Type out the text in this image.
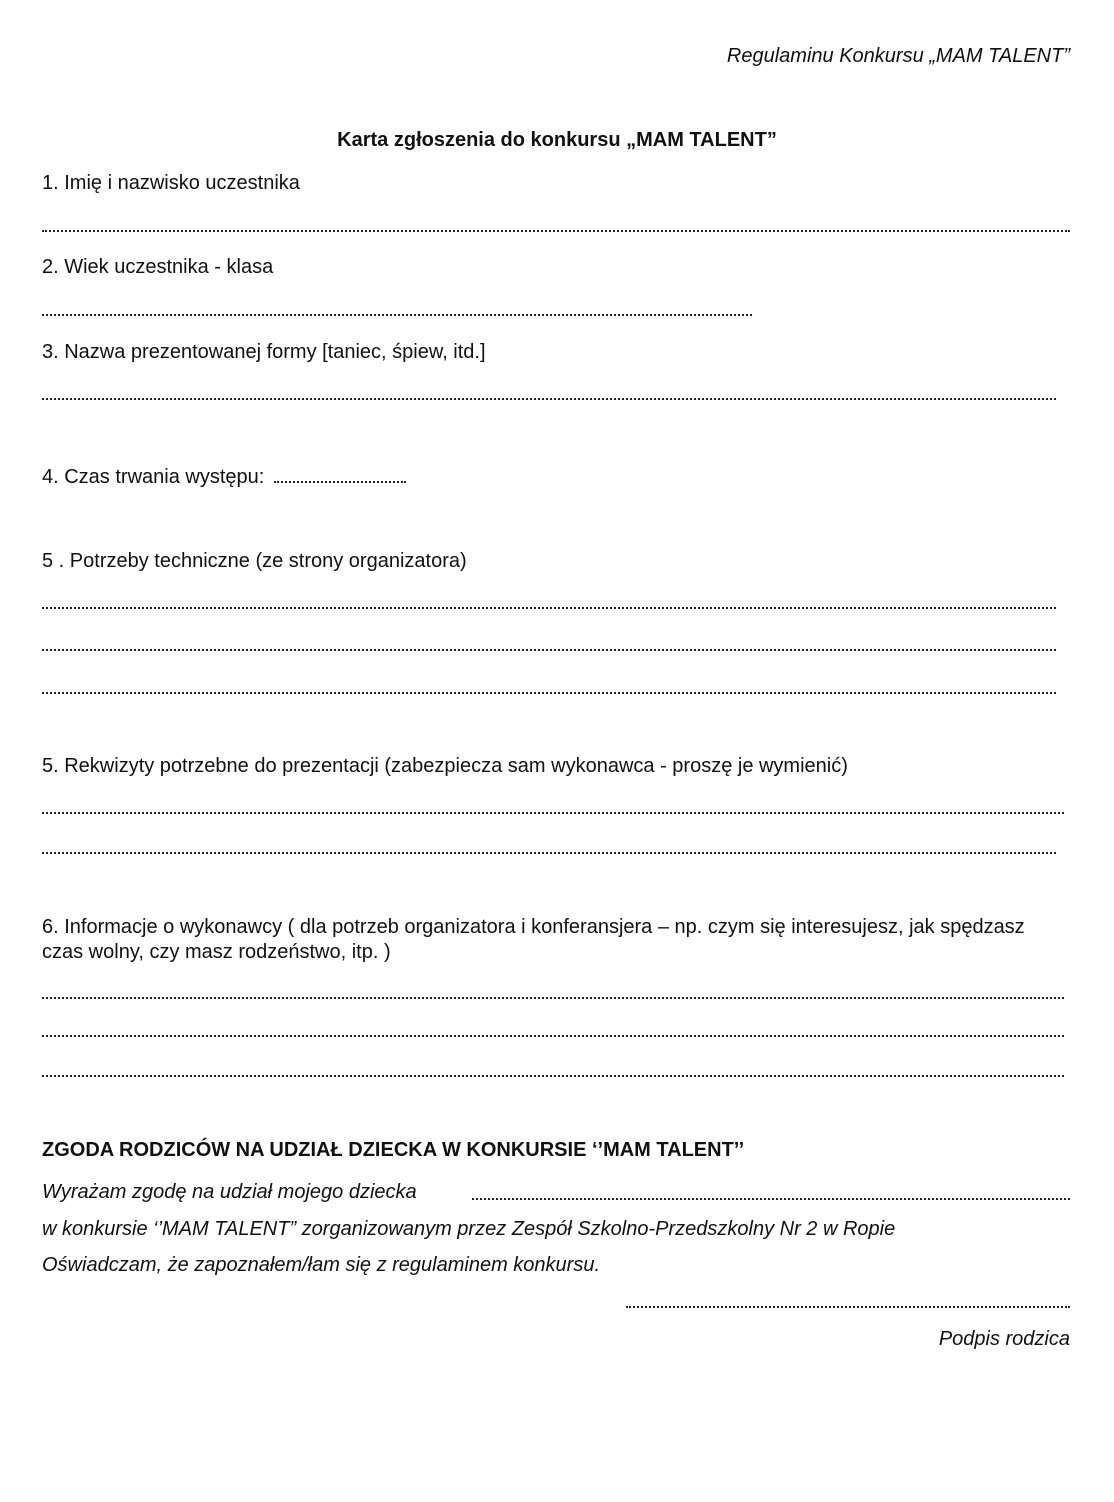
Regulaminu Konkursu „MAM TALENT”
Karta zgłoszenia do konkursu „MAM TALENT”
1. Imię i nazwisko uczestnika
2. Wiek uczestnika - klasa
3. Nazwa prezentowanej formy [taniec, śpiew, itd.]
4. Czas trwania występu:
5 . Potrzeby techniczne (ze strony organizatora)
5. Rekwizyty potrzebne do prezentacji (zabezpiecza sam wykonawca - proszę je wymienić)
6. Informacje o wykonawcy ( dla potrzeb organizatora i konferansjera – np. czym się interesujesz, jak spędzasz czas wolny, czy masz rodzeństwo, itp. )
ZGODA RODZICÓW NA UDZIAŁ DZIECKA W KONKURSIE ‘’MAM TALENT’’
Wyrażam zgodę na udział mojego dziecka
w konkursie ‘’MAM TALENT” zorganizowanym przez Zespół Szkolno-Przedszkolny Nr 2 w Ropie
Oświadczam, że zapoznałem/łam się z regulaminem konkursu.
Podpis rodzica
